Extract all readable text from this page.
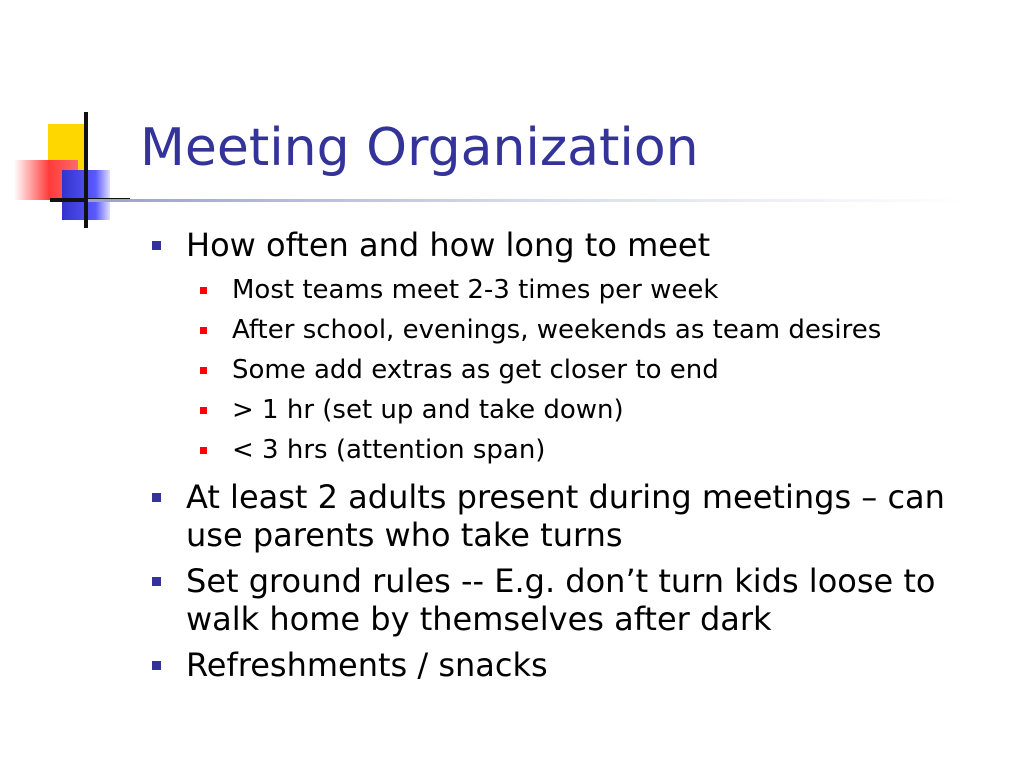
Meeting Organization
How often and how long to meet
Most teams meet 2-3 times per week
After school, evenings, weekends as team desires
Some add extras as get closer to end
> 1 hr (set up and take down)
< 3 hrs (attention span)
At least 2 adults present during meetings – can use parents who take turns
Set ground rules -- E.g. don’t turn kids loose to walk home by themselves after dark
Refreshments / snacks
